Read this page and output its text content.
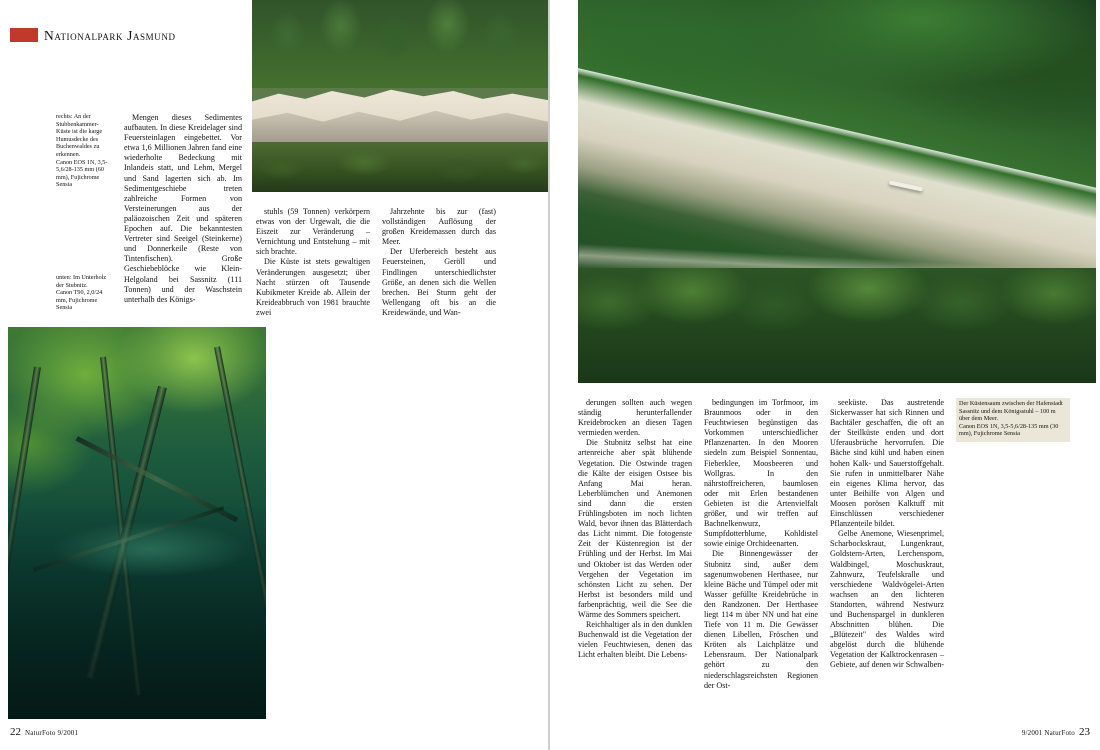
Nationalpark Jasmund
rechts: An der Stubbenkammer-Küste ist die karge Humusdecke des Buchenwaldes zu erkennen.
Canon EOS 1N, 3,5-5,6/28-135 mm (60 mm), Fujichrome Sensia
unten: Im Unterholz der Stubnitz.
Canon T90, 2,0/24 mm, Fujichrome Sensia

Mengen dieses Sedimentes aufbauten. In diese Kreidelager sind Feuersteinlagen eingebettet. Vor etwa 1,6 Millionen Jahren fand eine wiederholte Bedeckung mit Inlandeis statt, und Lehm, Mergel und Sand lagerten sich ab. Im Sedimentgeschiebe treten zahlreiche Formen von Versteinerungen aus der paläozoischen Zeit und späteren Epochen auf. Die bekanntesten Vertreter sind Seeigel (Steinkerne) und Donnerkeile (Reste von Tintenfischen). Große Geschiebeblöcke wie Klein-Helgoland bei Sassnitz (111 Tonnen) und der Waschstein unterhalb des Königs-

stuhls (59 Tonnen) verkörpern etwas von der Urgewalt, die die Eiszeit zur Veränderung – Vernichtung und Entstehung – mit sich brachte.

Die Küste ist stets gewaltigen Veränderungen ausgesetzt; über Nacht stürzen oft Tausende Kubikmeter Kreide ab. Allein der Kreideabbruch von 1981 brauchte zwei

Jahrzehnte bis zur (fast) vollständigen Auflösung der großen Kreidemassen durch das Meer.

Der Uferbereich besteht aus Feuersteinen, Geröll und Findlingen unterschiedlichster Größe, an denen sich die Wellen brechen. Bei Sturm geht der Wellengang oft bis an die Kreidewände, und Wan-

22 NaturFoto 9/2001

derungen sollten auch wegen ständig herunterfallender Kreidebrocken an diesen Tagen vermieden werden.

Die Stubnitz selbst hat eine artenreiche aber spät blühende Vegetation. Die Ostwinde tragen die Kälte der eisigen Ostsee bis Anfang Mai heran. Leberblümchen und Anemonen sind dann die ersten Frühlingsboten im noch lichten Wald, bevor ihnen das Blätterdach das Licht nimmt. Die fotogenste Zeit der Küstenregion ist der Frühling und der Herbst. Im Mai und Oktober ist das Werden oder Vergehen der Vegetation im schönsten Licht zu sehen. Der Herbst ist besonders mild und farbenprächtig, weil die See die Wärme des Sommers speichert.

Reichhaltiger als in den dunklen Buchenwald ist die Vegetation der vielen Feuchtwiesen, denen das Licht erhalten bleibt. Die Lebens-

bedingungen im Torfmoor, im Braunmoos oder in den Feuchtwiesen begünstigen das Vorkommen unterschiedlicher Pflanzenarten. In den Mooren siedeln zum Beispiel Sonnentau, Fieberklee, Moosbeeren und Wollgras. In den nährstoffreicheren, baumlosen oder mit Erlen bestandenen Gebieten ist die Artenvielfalt größer, und wir treffen auf Bachnelkenwurz, Sumpfdotterblume, Kohldistel sowie einige Orchideenarten.

Die Binnengewässer der Stubnitz sind, außer dem sagenumwobenen Herthasee, nur kleine Bäche und Tümpel oder mit Wasser gefüllte Kreidebrüche in den Randzonen. Der Herthasee liegt 114 m über NN und hat eine Tiefe von 11 m. Die Gewässer dienen Libellen, Fröschen und Kröten als Laichplätze und Lebensraum. Der Nationalpark gehört zu den niederschlagsreichsten Regionen der Ost-

seeküste. Das austretende Sickerwasser hat sich Rinnen und Bachtäler geschaffen, die oft an der Steilküste enden und dort Uferausbrüche hervorrufen. Die Bäche sind kühl und haben einen hohen Kalk- und Sauerstoffgehalt. Sie rufen in unmittelbarer Nähe ein eigenes Klima hervor, das unter Beihilfe von Algen und Moosen porösen Kalktuff mit Einschlüssen verschiedener Pflanzenteile bildet.

Gelbe Anemone, Wiesenprimel, Scharbockskraut, Lungenkraut, Goldstern-Arten, Lerchensporn, Waldbingel, Moschuskraut, Zahnwurz, Teufelskralle und verschiedene Waldvögelei-Arten wachsen an den lichteren Standorten, während Nestwurz und Buchenspargel in dunkleren Abschnitten blühen. Die „Blütezeit" des Waldes wird abgelöst durch die blühende Vegetation der Kalktrockenrasen – Gebiete, auf denen wir Schwalben-

Der Küstensaum zwischen der Hafenstadt Sassnitz und dem Königsstuhl – 100 m über dem Meer.
Canon EOS 1N, 3,5-5,6/28-135 mm (30 mm), Fujichrome Sensia
9/2001 NaturFoto 23
